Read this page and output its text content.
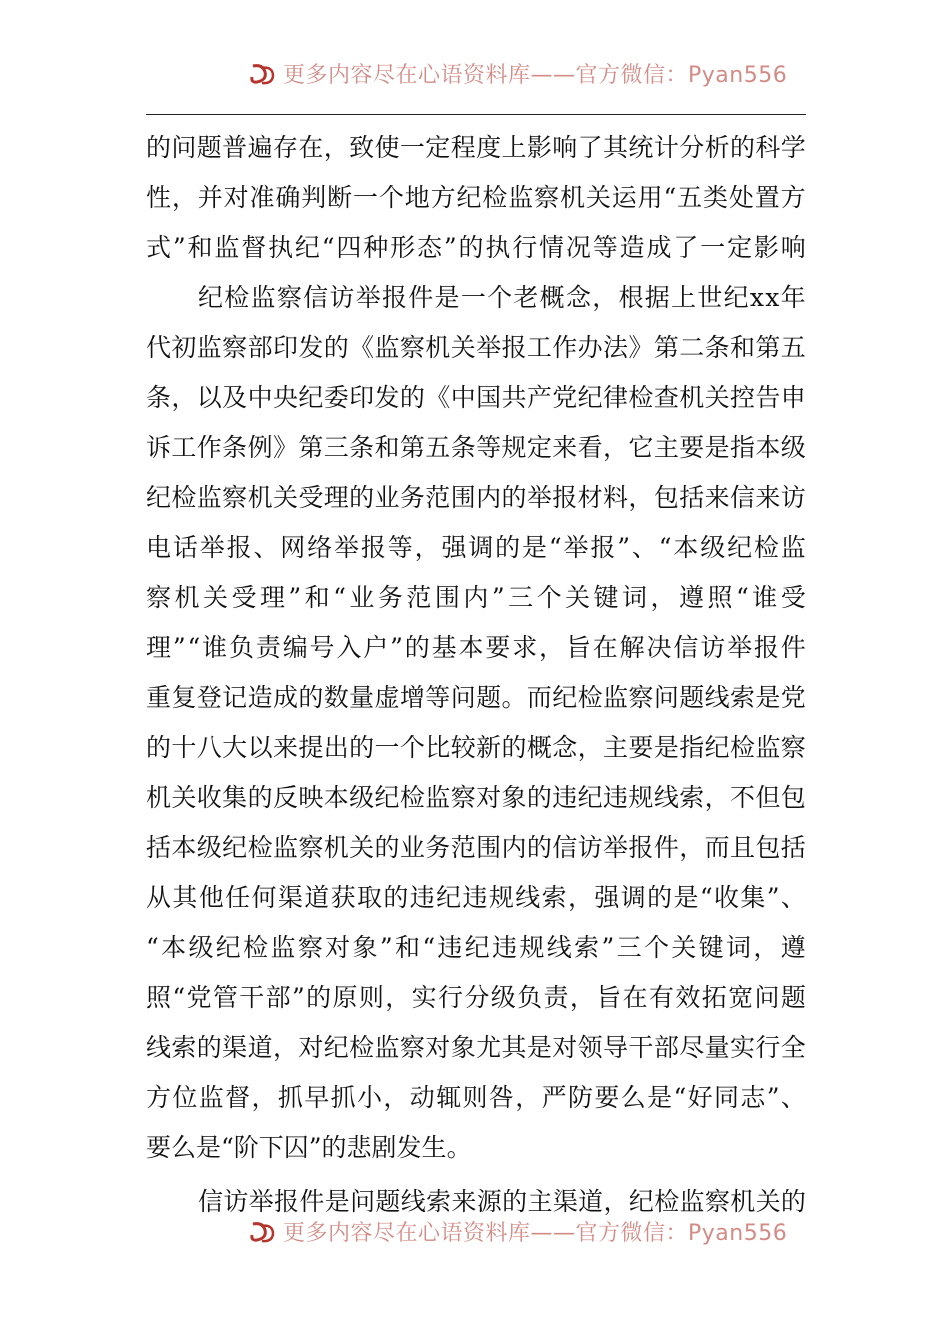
更多内容尽在心语资料库——官方微信：Pyan556
的 问 题 普 遍 存 在 ， 致 使 一 定 程 度 上 影 响 了 其 统 计 分 析 的 科 学
性 ， 并 对 准 确 判 断 一 个 地 方 纪 检 监 察 机 关 运 用 “ 五 类 处 置 方
式 ” 和 监 督 执 纪 “ 四 种 形 态 ” 的 执 行 情 况 等 造 成 了 一 定 影 响
纪 检 监 察 信 访 举 报 件 是 一 个 老 概 念 ， 根 据 上 世 纪 x x 年
代 初 监 察 部 印 发 的 《 监 察 机 关 举 报 工 作 办 法 》 第 二 条 和 第 五
条 ， 以 及 中 央 纪 委 印 发 的 《 中 国 共 产 党 纪 律 检 查 机 关 控 告 申
诉 工 作 条 例 》 第 三 条 和 第 五 条 等 规 定 来 看 ， 它 主 要 是 指 本 级
纪 检 监 察 机 关 受 理 的 业 务 范 围 内 的 举 报 材 料 ， 包 括 来 信 来 访
电 话 举 报 、 网 络 举 报 等 ， 强 调 的 是 “ 举 报 ” 、 “ 本 级 纪 检 监
察 机 关 受 理 ” 和 “ 业 务 范 围 内 ” 三 个 关 键 词 ， 遵 照 “ 谁 受
理 ” “ 谁 负 责 编 号 入 户 ” 的 基 本 要 求 ， 旨 在 解 决 信 访 举 报 件
重 复 登 记 造 成 的 数 量 虚 增 等 问 题 。 而 纪 检 监 察 问 题 线 索 是 党
的 十 八 大 以 来 提 出 的 一 个 比 较 新 的 概 念 ， 主 要 是 指 纪 检 监 察
机 关 收 集 的 反 映 本 级 纪 检 监 察 对 象 的 违 纪 违 规 线 索 ， 不 但 包
括 本 级 纪 检 监 察 机 关 的 业 务 范 围 内 的 信 访 举 报 件 ， 而 且 包 括
从 其 他 任 何 渠 道 获 取 的 违 纪 违 规 线 索 ， 强 调 的 是 “ 收 集 ” 、
“ 本 级 纪 检 监 察 对 象 ” 和 “ 违 纪 违 规 线 索 ” 三 个 关 键 词 ， 遵
照 “ 党 管 干 部 ” 的 原 则 ， 实 行 分 级 负 责 ， 旨 在 有 效 拓 宽 问 题
线 索 的 渠 道 ， 对 纪 检 监 察 对 象 尤 其 是 对 领 导 干 部 尽 量 实 行 全
方 位 监 督 ， 抓 早 抓 小 ， 动 辄 则 咎 ， 严 防 要 么 是 “ 好 同 志 ” 、
要么是“阶下囚”的悲剧发生。
信 访 举 报 件 是 问 题 线 索 来 源 的 主 渠 道 ， 纪 检 监 察 机 关 的
更多内容尽在心语资料库——官方微信：Pyan556
